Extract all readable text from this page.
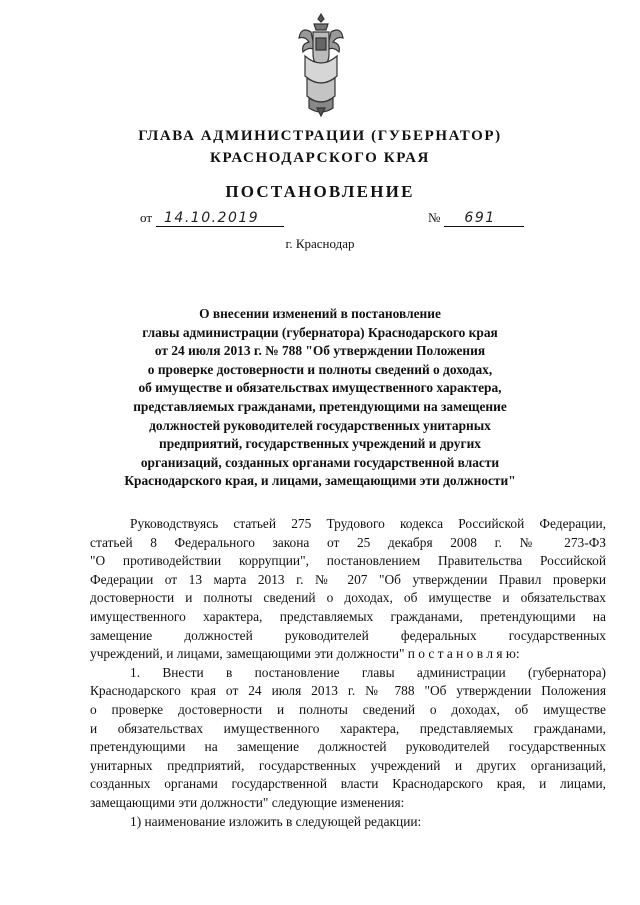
ГЛАВА АДМИНИСТРАЦИИ (ГУБЕРНАТОР)
КРАСНОДАРСКОГО КРАЯ
ПОСТАНОВЛЕНИЕ
от 14.10.2019	№ 691
г. Краснодар
О внесении изменений в постановление
главы администрации (губернатора) Краснодарского края
от 24 июля 2013 г. № 788 "Об утверждении Положения
о проверке достоверности и полноты сведений о доходах,
об имуществе и обязательствах имущественного характера,
представляемых гражданами, претендующими на замещение
должностей руководителей государственных унитарных
предприятий, государственных учреждений и других
организаций, созданных органами государственной власти
Краснодарского края, и лицами, замещающими эти должности"
Руководствуясь статьей 275 Трудового кодекса Российской Федерации,
статьей 8 Федерального закона от 25 декабря 2008 г. № 273-ФЗ
"О противодействии коррупции", постановлением Правительства Российской
Федерации от 13 марта 2013 г. № 207 "Об утверждении Правил проверки
достоверности и полноты сведений о доходах, об имуществе и обязательствах
имущественного характера, представляемых гражданами, претендующими на
замещение должностей руководителей федеральных государственных
учреждений, и лицами, замещающими эти должности" п о с т а н о в л я ю:
1. Внести в постановление главы администрации (губернатора)
Краснодарского края от 24 июля 2013 г. № 788 "Об утверждении Положения
о проверке достоверности и полноты сведений о доходах, об имуществе
и обязательствах имущественного характера, представляемых гражданами,
претендующими на замещение должностей руководителей государственных
унитарных предприятий, государственных учреждений и других организаций,
созданных органами государственной власти Краснодарского края, и лицами,
замещающими эти должности" следующие изменения:
1) наименование изложить в следующей редакции:
